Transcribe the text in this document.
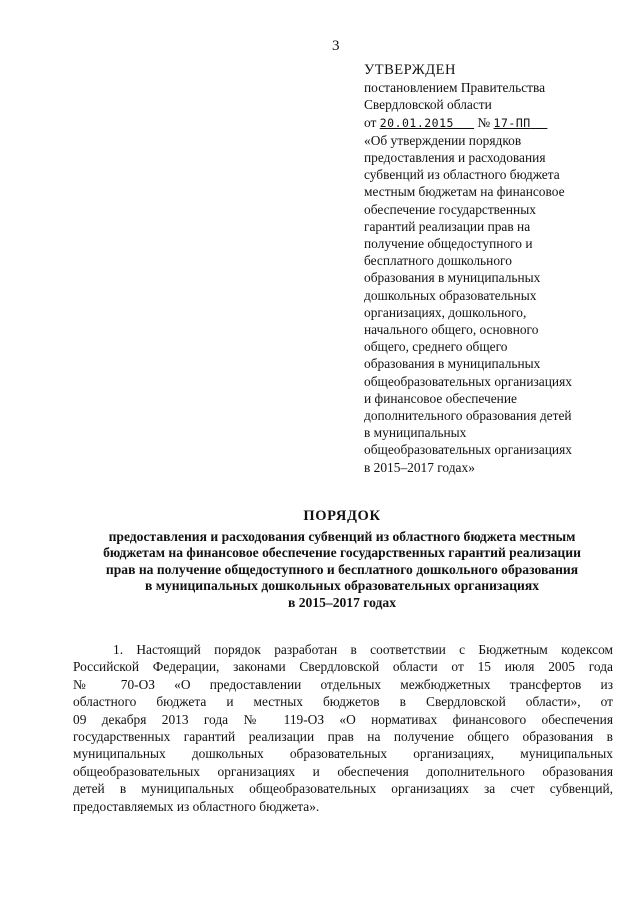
3
УТВЕРЖДЕН
постановлением Правительства
Свердловской области
от 20.01.2015 № 17-ПП
«Об утверждении порядков
предоставления и расходования
субвенций из областного бюджета
местным бюджетам на финансовое
обеспечение государственных
гарантий реализации прав на
получение общедоступного и
бесплатного дошкольного
образования в муниципальных
дошкольных образовательных
организациях, дошкольного,
начального общего, основного
общего, среднего общего
образования в муниципальных
общеобразовательных организациях
и финансовое обеспечение
дополнительного образования детей
в муниципальных
общеобразовательных организациях
в 2015–2017 годах»
ПОРЯДОК
предоставления и расходования субвенций из областного бюджета местным
бюджетам на финансовое обеспечение государственных гарантий реализации
прав на получение общедоступного и бесплатного дошкольного образования
в муниципальных дошкольных образовательных организациях
в 2015–2017 годах
1. Настоящий порядок разработан в соответствии с Бюджетным кодексом
Российской Федерации, законами Свердловской области от 15 июля 2005 года
№ 70-ОЗ «О предоставлении отдельных межбюджетных трансфертов из
областного бюджета и местных бюджетов в Свердловской области», от
09 декабря 2013 года № 119-ОЗ «О нормативах финансового обеспечения
государственных гарантий реализации прав на получение общего образования в
муниципальных дошкольных образовательных организациях, муниципальных
общеобразовательных организациях и обеспечения дополнительного образования
детей в муниципальных общеобразовательных организациях за счет субвенций,
предоставляемых из областного бюджета».
